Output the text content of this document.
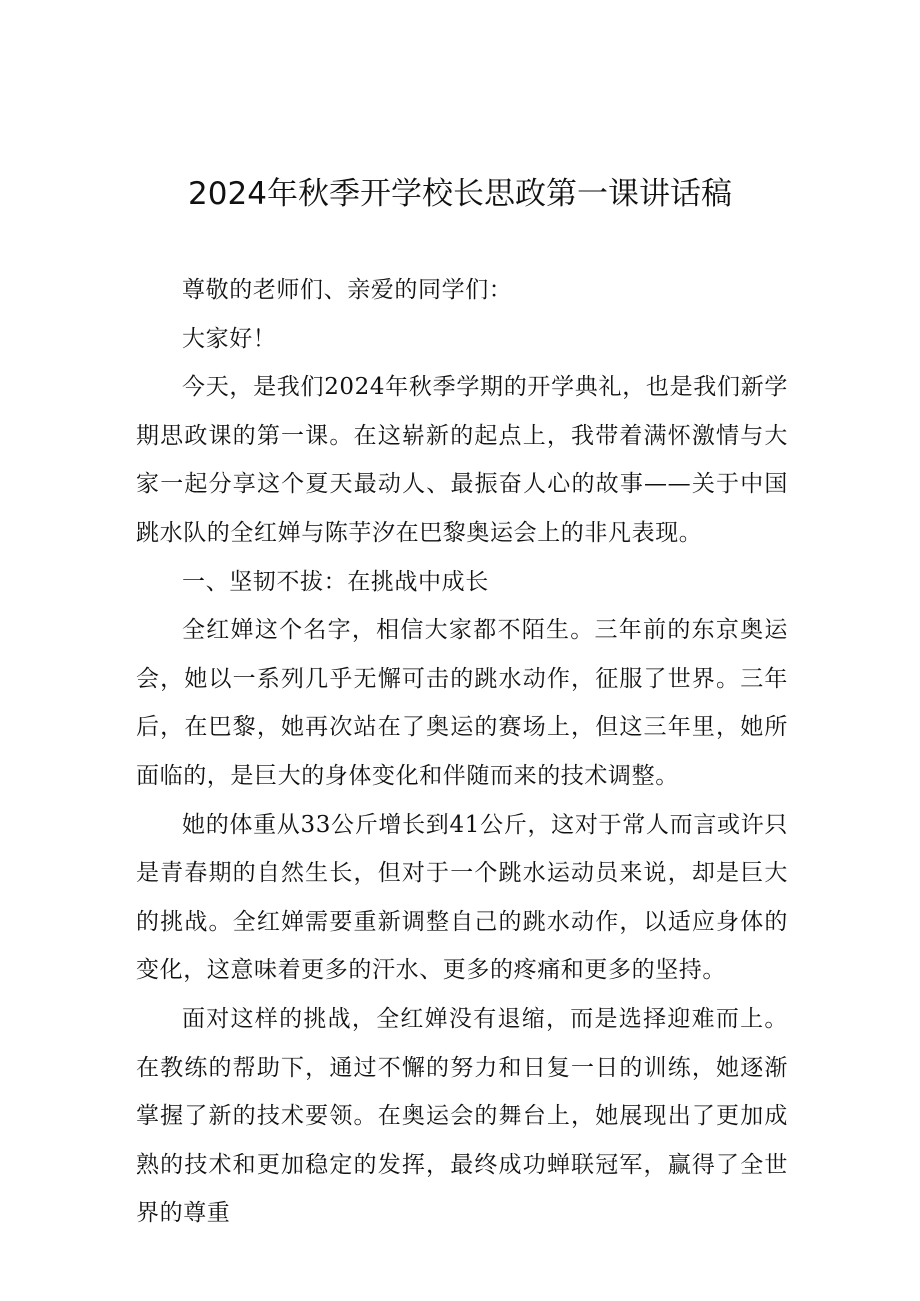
2024年秋季开学校长思政第一课讲话稿

尊敬的老师们、亲爱的同学们：

大家好！

今天，是我们2024年秋季学期的开学典礼，也是我们新学期思政课的第一课。在这崭新的起点上，我带着满怀激情与大家一起分享这个夏天最动人、最振奋人心的故事——关于中国跳水队的全红婵与陈芋汐在巴黎奥运会上的非凡表现。

一、坚韧不拔：在挑战中成长

全红婵这个名字，相信大家都不陌生。三年前的东京奥运会，她以一系列几乎无懈可击的跳水动作，征服了世界。三年后，在巴黎，她再次站在了奥运的赛场上，但这三年里，她所面临的，是巨大的身体变化和伴随而来的技术调整。

她的体重从33公斤增长到41公斤，这对于常人而言或许只是青春期的自然生长，但对于一个跳水运动员来说，却是巨大的挑战。全红婵需要重新调整自己的跳水动作，以适应身体的变化，这意味着更多的汗水、更多的疼痛和更多的坚持。

面对这样的挑战，全红婵没有退缩，而是选择迎难而上。在教练的帮助下，通过不懈的努力和日复一日的训练，她逐渐掌握了新的技术要领。在奥运会的舞台上，她展现出了更加成熟的技术和更加稳定的发挥，最终成功蝉联冠军，赢得了全世界的尊重
